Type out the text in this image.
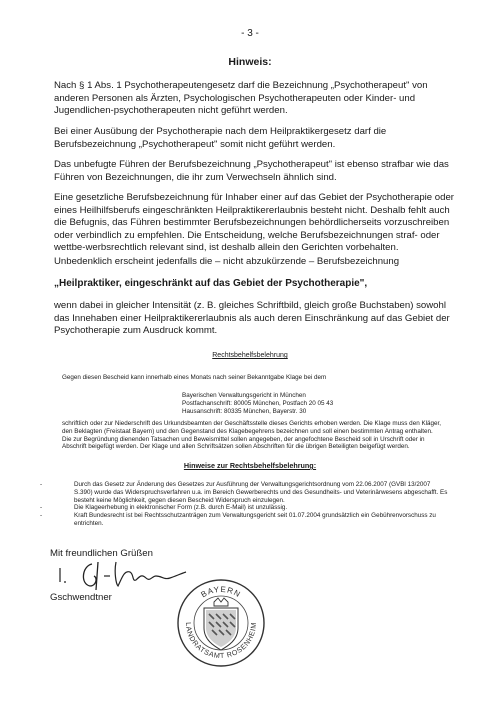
- 3 -
Hinweis:
Nach § 1 Abs. 1 Psychotherapeutengesetz darf die Bezeichnung „Psychotherapeut" von anderen Personen als Ärzten, Psychologischen Psychotherapeuten oder Kinder- und Jugendlichen-psychotherapeuten nicht geführt werden.
Bei einer Ausübung der Psychotherapie nach dem Heilpraktikergesetz darf die Berufsbezeichnung „Psychotherapeut" somit nicht geführt werden.
Das unbefugte Führen der Berufsbezeichnung „Psychotherapeut" ist ebenso strafbar wie das Führen von Bezeichnungen, die ihr zum Verwechseln ähnlich sind.
Eine gesetzliche Berufsbezeichnung für Inhaber einer auf das Gebiet der Psychotherapie oder eines Heilhilfsberufs eingeschränkten Heilpraktikererlaubnis besteht nicht. Deshalb fehlt auch die Befugnis, das Führen bestimmter Berufsbezeichnungen behördlicherseits vorzuschreiben oder verbindlich zu empfehlen. Die Entscheidung, welche Berufsbezeichnungen straf- oder wettbe-werbsrechtlich relevant sind, ist deshalb allein den Gerichten vorbehalten.
Unbedenklich erscheint jedenfalls die – nicht abzukürzende – Berufsbezeichnung
„Heilpraktiker, eingeschränkt auf das Gebiet der Psychotherapie",
wenn dabei in gleicher Intensität (z. B. gleiches Schriftbild, gleich große Buchstaben) sowohl das Innehaben einer Heilpraktikererlaubnis als auch deren Einschränkung auf das Gebiet der Psychotherapie zum Ausdruck kommt.
Rechtsbehelfsbelehrung
Gegen diesen Bescheid kann innerhalb eines Monats nach seiner Bekanntgabe Klage bei dem
Bayerischen Verwaltungsgericht in München
Postfachanschrift: 80005 München, Postfach 20 05 43
Hausanschrift: 80335 München, Bayerstr. 30
schriftlich oder zur Niederschrift des Urkundsbeamten der Geschäftsstelle dieses Gerichts erhoben werden. Die Klage muss den Kläger, den Beklagten (Freistaat Bayern) und den Gegenstand des Klagebegehrens bezeichnen und soll einen bestimmten Antrag enthalten. Die zur Begründung dienenden Tatsachen und Beweismittel sollen angegeben, der angefochtene Bescheid soll in Urschrift oder in Abschrift beigefügt werden. Der Klage und allen Schriftsätzen sollen Abschriften für die übrigen Beteiligten beigefügt werden.
Hinweise zur Rechtsbehelfsbelehrung:
-	Durch das Gesetz zur Änderung des Gesetzes zur Ausführung der Verwaltungsgerichtsordnung vom 22.06.2007 (GVBl 13/2007 S.390) wurde das Widerspruchsverfahren u.a. im Bereich Gewerberechts und des Gesundheits- und Veterinärwesens abgeschafft. Es besteht keine Möglichkeit, gegen diesen Bescheid Widerspruch einzulegen.
-	Die Klageerhebung in elektronischer Form (z.B. durch E-Mail) ist unzulässig.
-	Kraft Bundesrecht ist bei Rechtsschutzanträgen zum Verwaltungsgericht seit 01.07.2004 grundsätzlich ein Gebührenvorschuss zu entrichten.
Mit freundlichen Grüßen
Gschwendtner	BAYERN
LANDRATSAMT ROSENHEIM
